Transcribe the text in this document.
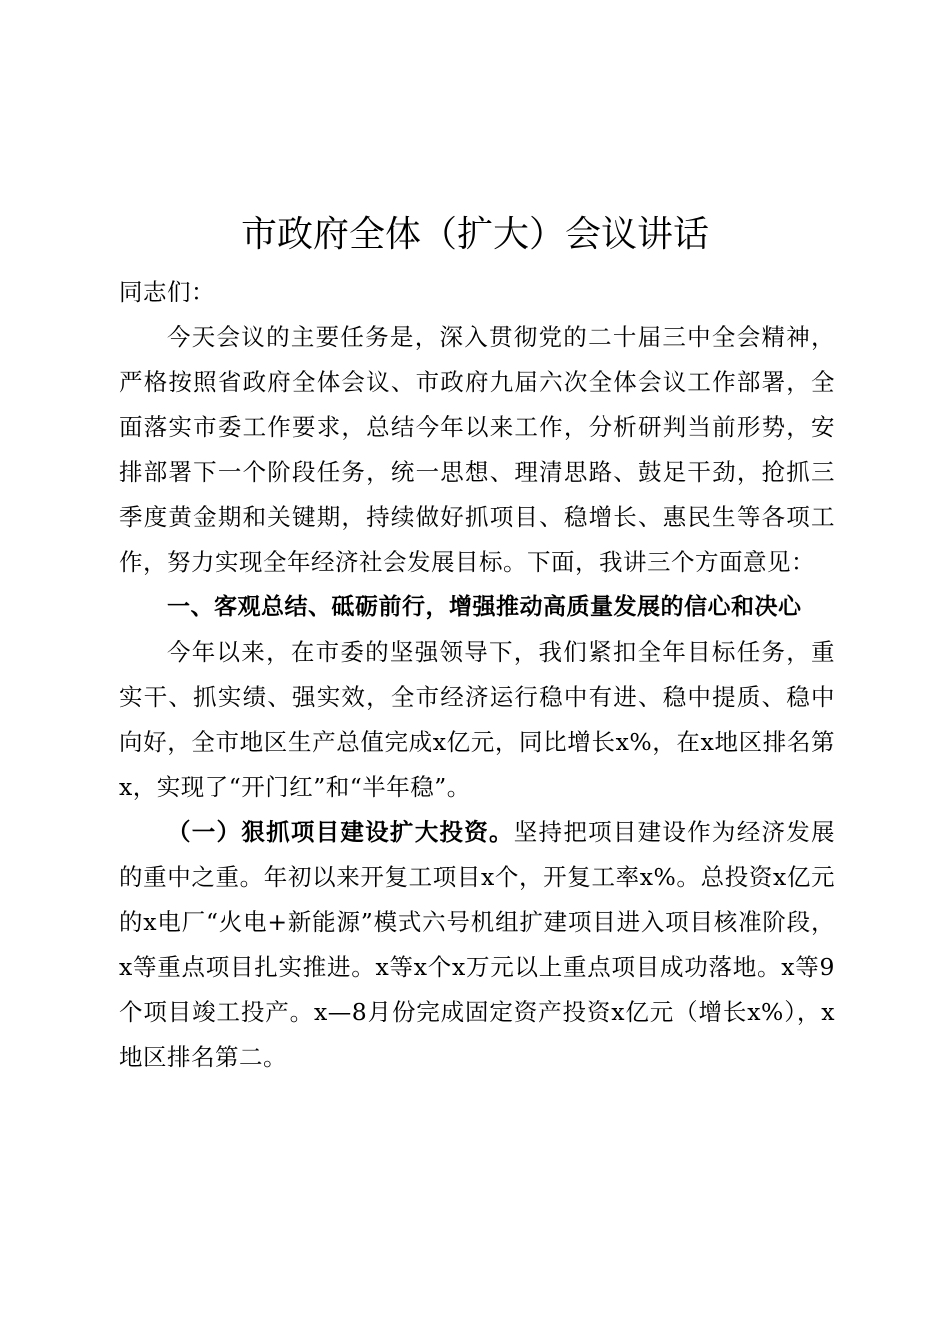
市政府全体（扩大）会议讲话

同志们：

今天会议的主要任务是，深入贯彻党的二十届三中全会精神，严格按照省政府全体会议、市政府九届六次全体会议工作部署，全面落实市委工作要求，总结今年以来工作，分析研判当前形势，安排部署下一个阶段任务，统一思想、理清思路、鼓足干劲，抢抓三季度黄金期和关键期，持续做好抓项目、稳增长、惠民生等各项工作，努力实现全年经济社会发展目标。下面，我讲三个方面意见：

一、客观总结、砥砺前行，增强推动高质量发展的信心和决心

今年以来，在市委的坚强领导下，我们紧扣全年目标任务，重实干、抓实绩、强实效，全市经济运行稳中有进、稳中提质、稳中向好，全市地区生产总值完成x亿元，同比增长x%，在x地区排名第x，实现了“开门红”和“半年稳”。

（一）狠抓项目建设扩大投资。坚持把项目建设作为经济发展的重中之重。年初以来开复工项目x个，开复工率x%。总投资x亿元的x电厂“火电+新能源”模式六号机组扩建项目进入项目核准阶段，x等重点项目扎实推进。x等x个x万元以上重点项目成功落地。x等9个项目竣工投产。x—8月份完成固定资产投资x亿元（增长x%），x地区排名第二。
